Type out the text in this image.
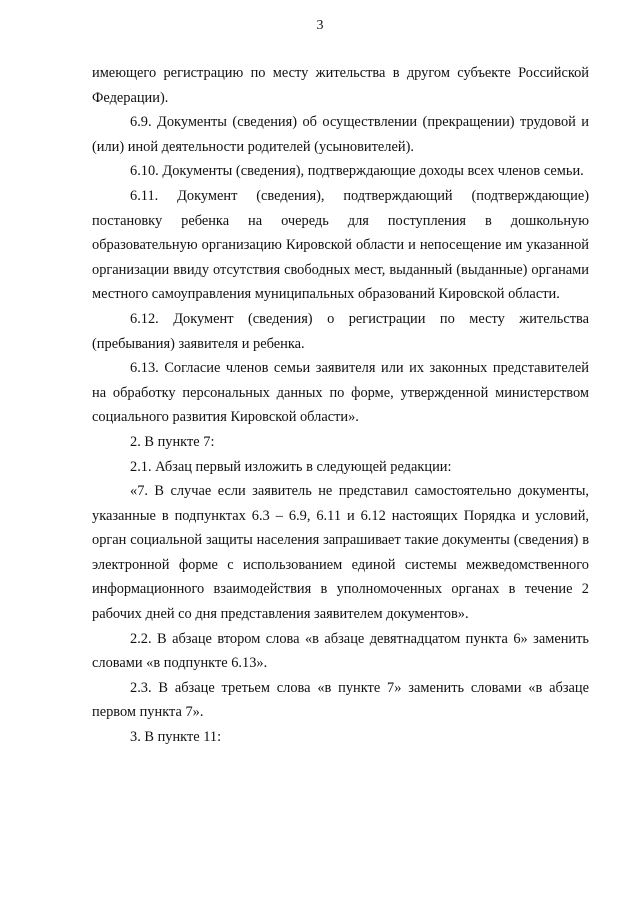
3

имеющего регистрацию по месту жительства в другом субъекте Российской Федерации).

6.9. Документы (сведения) об осуществлении (прекращении) трудовой и (или) иной деятельности родителей (усыновителей).

6.10. Документы (сведения), подтверждающие доходы всех членов семьи.

6.11. Документ (сведения), подтверждающий (подтверждающие) постановку ребенка на очередь для поступления в дошкольную образовательную организацию Кировской области и непосещение им указанной организации ввиду отсутствия свободных мест, выданный (выданные) органами местного самоуправления муниципальных образований Кировской области.

6.12. Документ (сведения) о регистрации по месту жительства (пребывания) заявителя и ребенка.

6.13. Согласие членов семьи заявителя или их законных представителей на обработку персональных данных по форме, утвержденной министерством социального развития Кировской области».

2. В пункте 7:

2.1. Абзац первый изложить в следующей редакции:

«7. В случае если заявитель не представил самостоятельно документы, указанные в подпунктах 6.3 – 6.9, 6.11 и 6.12 настоящих Порядка и условий, орган социальной защиты населения запрашивает такие документы (сведения) в электронной форме с использованием единой системы межведомственного информационного взаимодействия в уполномоченных органах в течение 2 рабочих дней со дня представления заявителем документов».

2.2. В абзаце втором слова «в абзаце девятнадцатом пункта 6» заменить словами «в подпункте 6.13».

2.3. В абзаце третьем слова «в пункте 7» заменить словами «в абзаце первом пункта 7».

3. В пункте 11:
